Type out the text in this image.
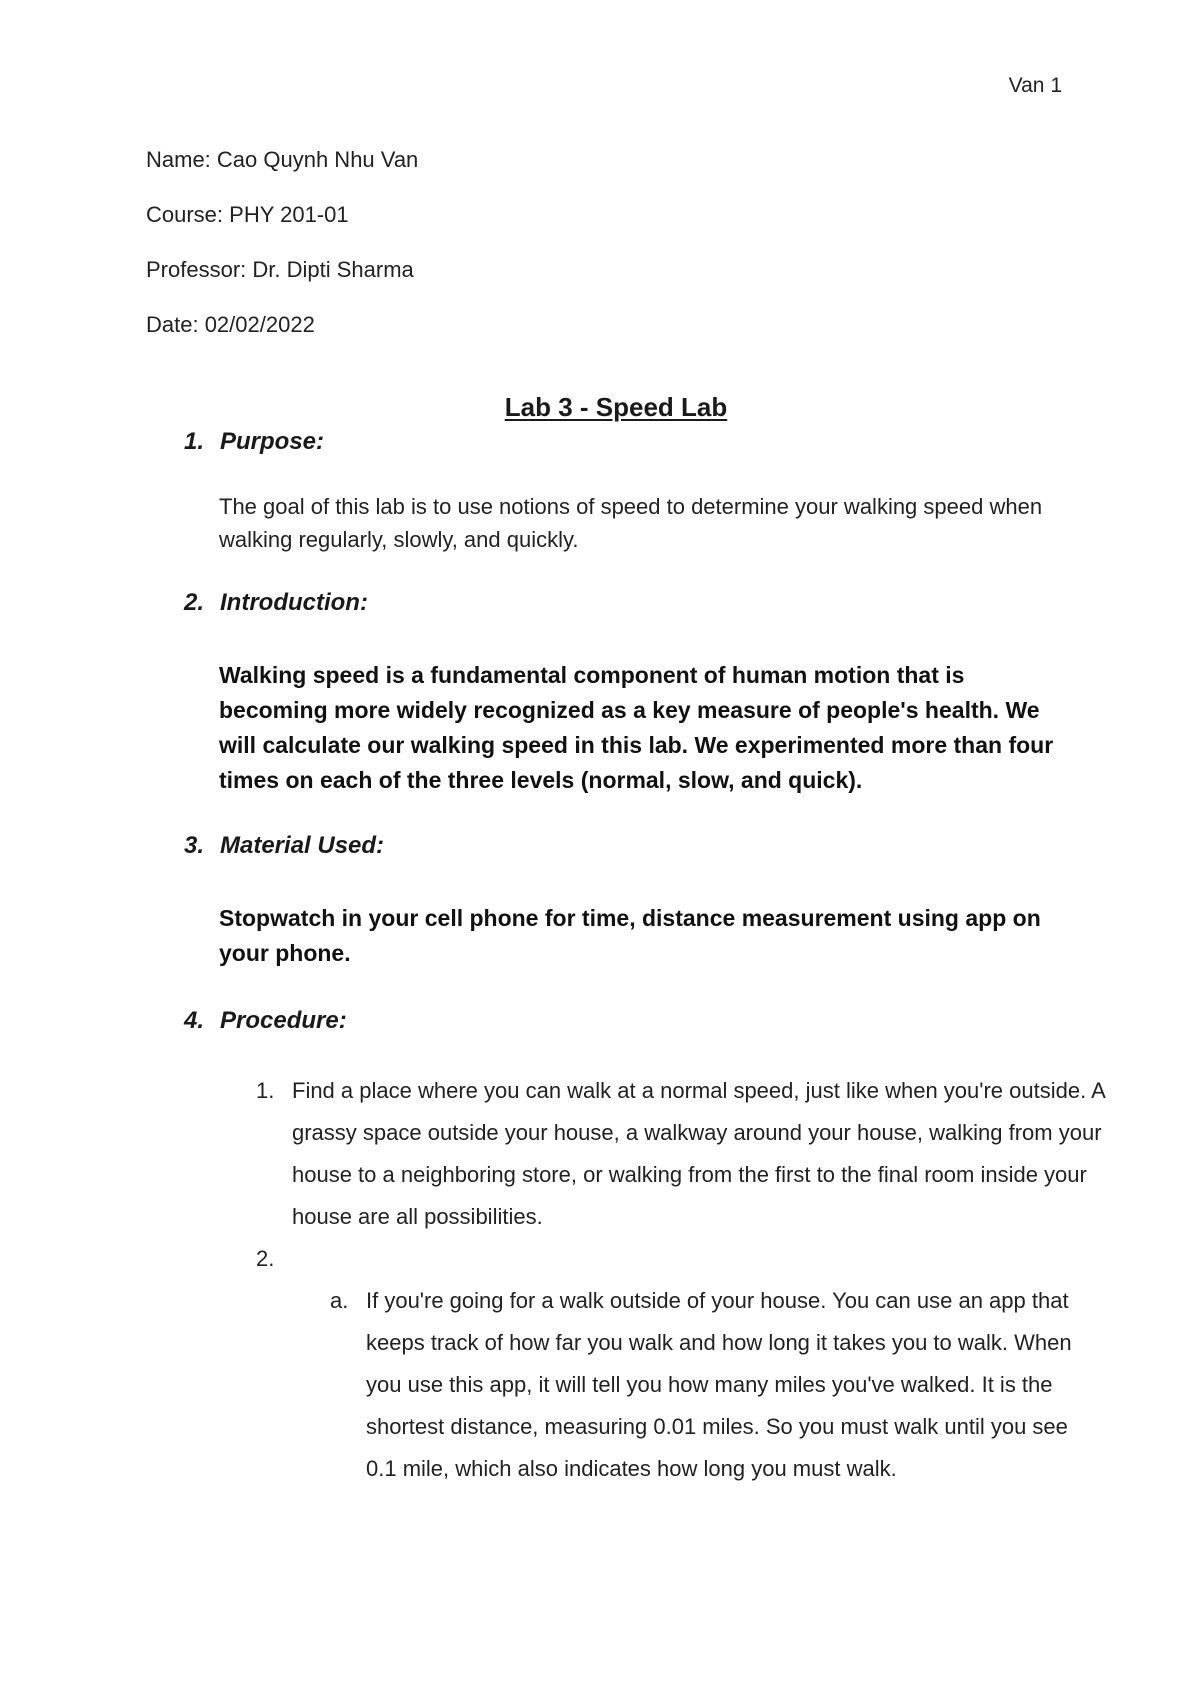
Van 1
Name: Cao Quynh Nhu Van
Course: PHY 201-01
Professor: Dr. Dipti Sharma
Date: 02/02/2022
Lab 3 - Speed Lab
1. Purpose:
The goal of this lab is to use notions of speed to determine your walking speed when walking regularly, slowly, and quickly.
2. Introduction:
Walking speed is a fundamental component of human motion that is becoming more widely recognized as a key measure of people's health. We will calculate our walking speed in this lab. We experimented more than four times on each of the three levels (normal, slow, and quick).
3. Material Used:
Stopwatch in your cell phone for time, distance measurement using app on your phone.
4. Procedure:
1. Find a place where you can walk at a normal speed, just like when you're outside. A grassy space outside your house, a walkway around your house, walking from your house to a neighboring store, or walking from the first to the final room inside your house are all possibilities.
2.
a. If you're going for a walk outside of your house. You can use an app that keeps track of how far you walk and how long it takes you to walk. When you use this app, it will tell you how many miles you've walked. It is the shortest distance, measuring 0.01 miles. So you must walk until you see 0.1 mile, which also indicates how long you must walk.
